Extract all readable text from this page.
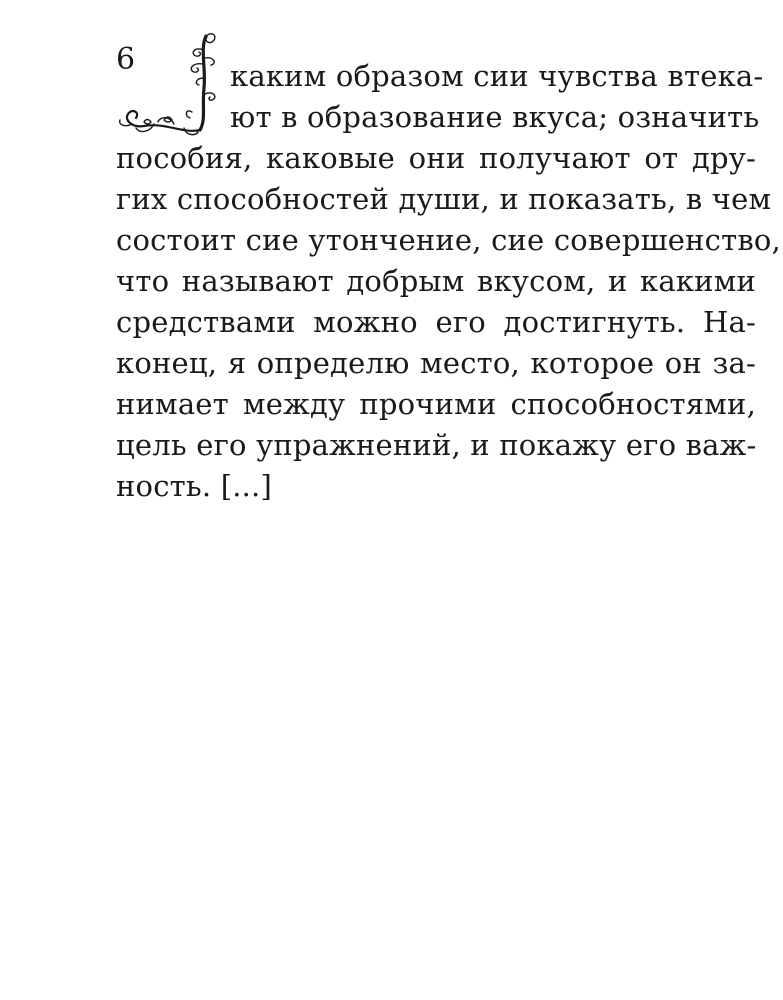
6	каким образом сии чувства втека-
ют в образование вкуса; означить
пособия, каковые они получают от дру-
гих способностей души, и показать, в чем
состоит сие утончение, сие совершенство,
что называют добрым вкусом, и какими
средствами можно его достигнуть. На-
конец, я определю место, которое он за-
нимает между прочими способностями,
цель его упражнений, и покажу его важ-
ность. [...]
